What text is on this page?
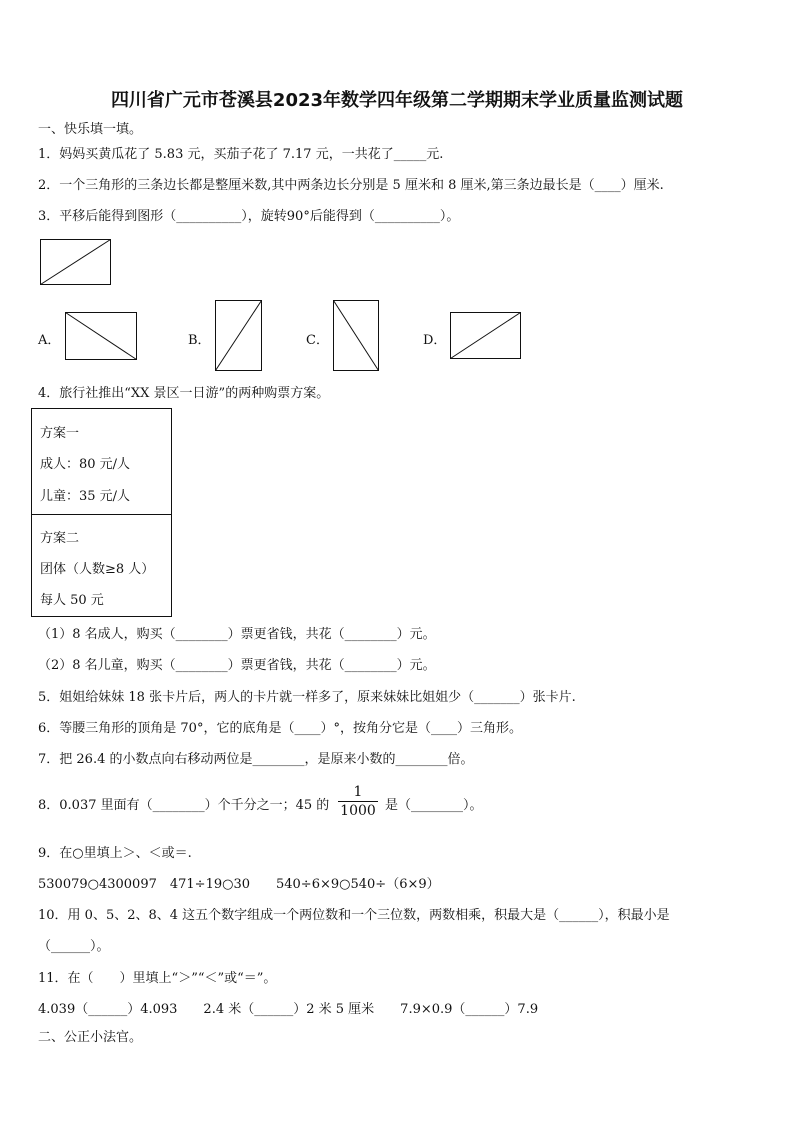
四川省广元市苍溪县2023年数学四年级第二学期期末学业质量监测试题
一、快乐填一填。
1．妈妈买黄瓜花了 5.83 元，买茄子花了 7.17 元，一共花了_____元.
2．一个三角形的三条边长都是整厘米数,其中两条边长分别是 5 厘米和 8 厘米,第三条边最长是（____）厘米.
3．平移后能得到图形（__________），旋转90°后能得到（__________）。
A．	B．	C．	D．
4．旅行社推出“XX 景区一日游”的两种购票方案。
方案一
成人：80 元/人
儿童：35 元/人
方案二
团体（人数≥8 人）
每人 50 元
（1）8 名成人，购买（________）票更省钱，共花（________）元。
（2）8 名儿童，购买（________）票更省钱，共花（________）元。
5．姐姐给妹妹 18 张卡片后，两人的卡片就一样多了，原来妹妹比姐姐少（_______）张卡片.
6．等腰三角形的顶角是 70°，它的底角是（____）°，按角分它是（____）三角形。
7．把 26.4 的小数点向右移动两位是________，是原来小数的________倍。
8．0.037 里面有（________）个千分之一；45 的
1
1000 是（________）。
9．在○里填上＞、＜或＝.
530079○4300097　471÷19○30　　540÷6×9○540÷（6×9）
10．用 0、5、2、8、4 这五个数字组成一个两位数和一个三位数，两数相乘，积最大是（______），积最小是
（______）。
11．在（　　）里填上“＞”“＜”或“＝”。
4.039（______）4.093　　2.4 米（______）2 米 5 厘米　　7.9×0.9（______）7.9
二、公正小法官。
